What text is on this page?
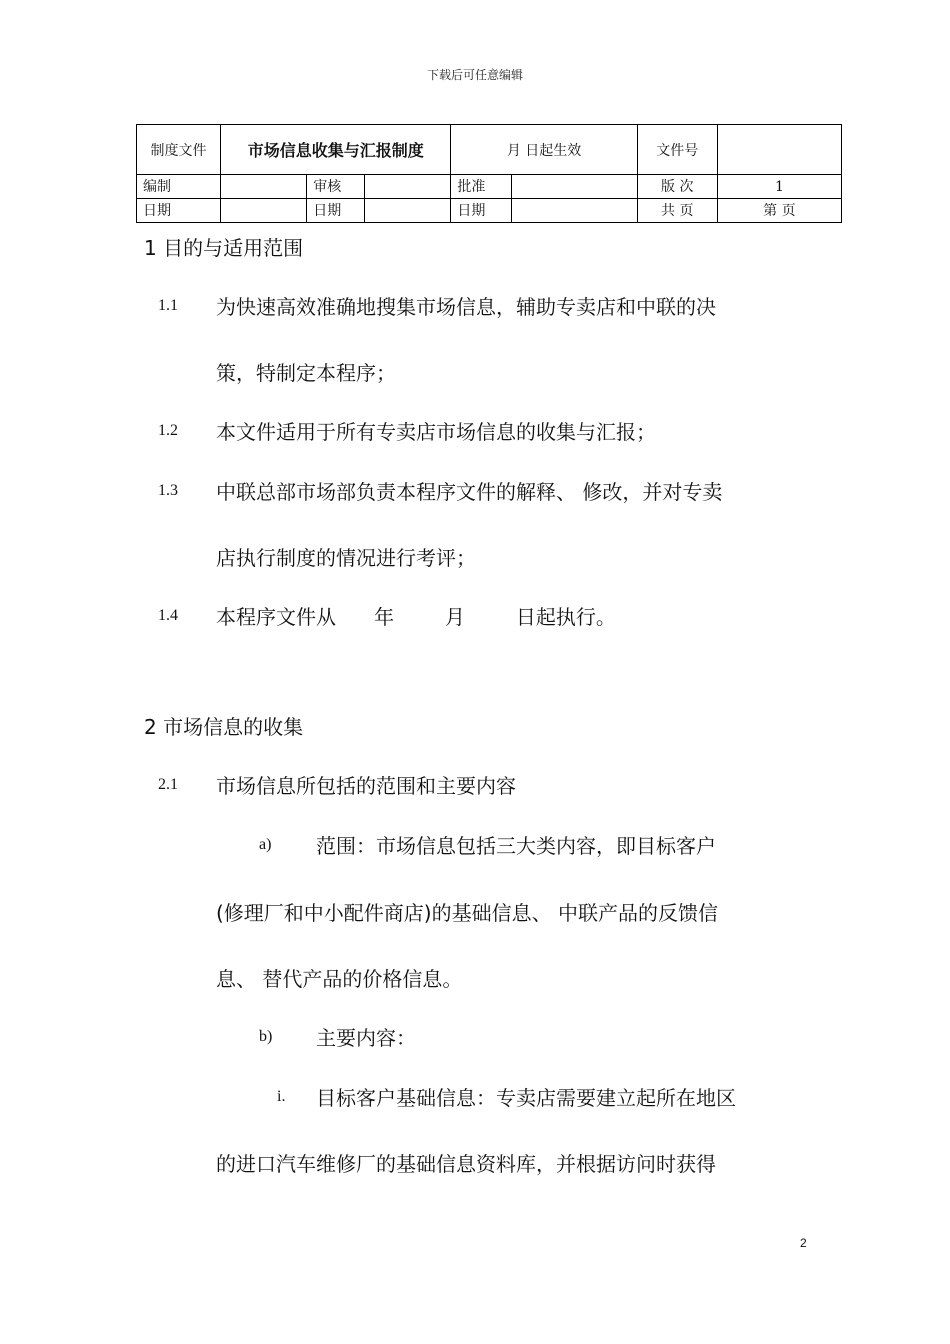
下载后可任意编辑
制度文件	市场信息收集与汇报制度			月 日起生效		文件号	
编制		审核		批准		版 次	1
日期		日期		日期		共 页	第 页
1 目的与适用范围
1.1 为快速高效准确地搜集市场信息，辅助专卖店和中联的决
策，特制定本程序；
1.2 本文件适用于所有专卖店市场信息的收集与汇报；
1.3 中联总部市场部负责本程序文件的解释、 修改，并对专卖
店执行制度的情况进行考评；
1.4 本程序文件从      年        月        日起执行。
2 市场信息的收集
2.1 市场信息所包括的范围和主要内容
a) 范围：市场信息包括三大类内容，即目标客户
(修理厂和中小配件商店)的基础信息、 中联产品的反馈信
息、 替代产品的价格信息。
b) 主要内容：
i. 目标客户基础信息：专卖店需要建立起所在地区
的进口汽车维修厂的基础信息资料库，并根据访问时获得
2
